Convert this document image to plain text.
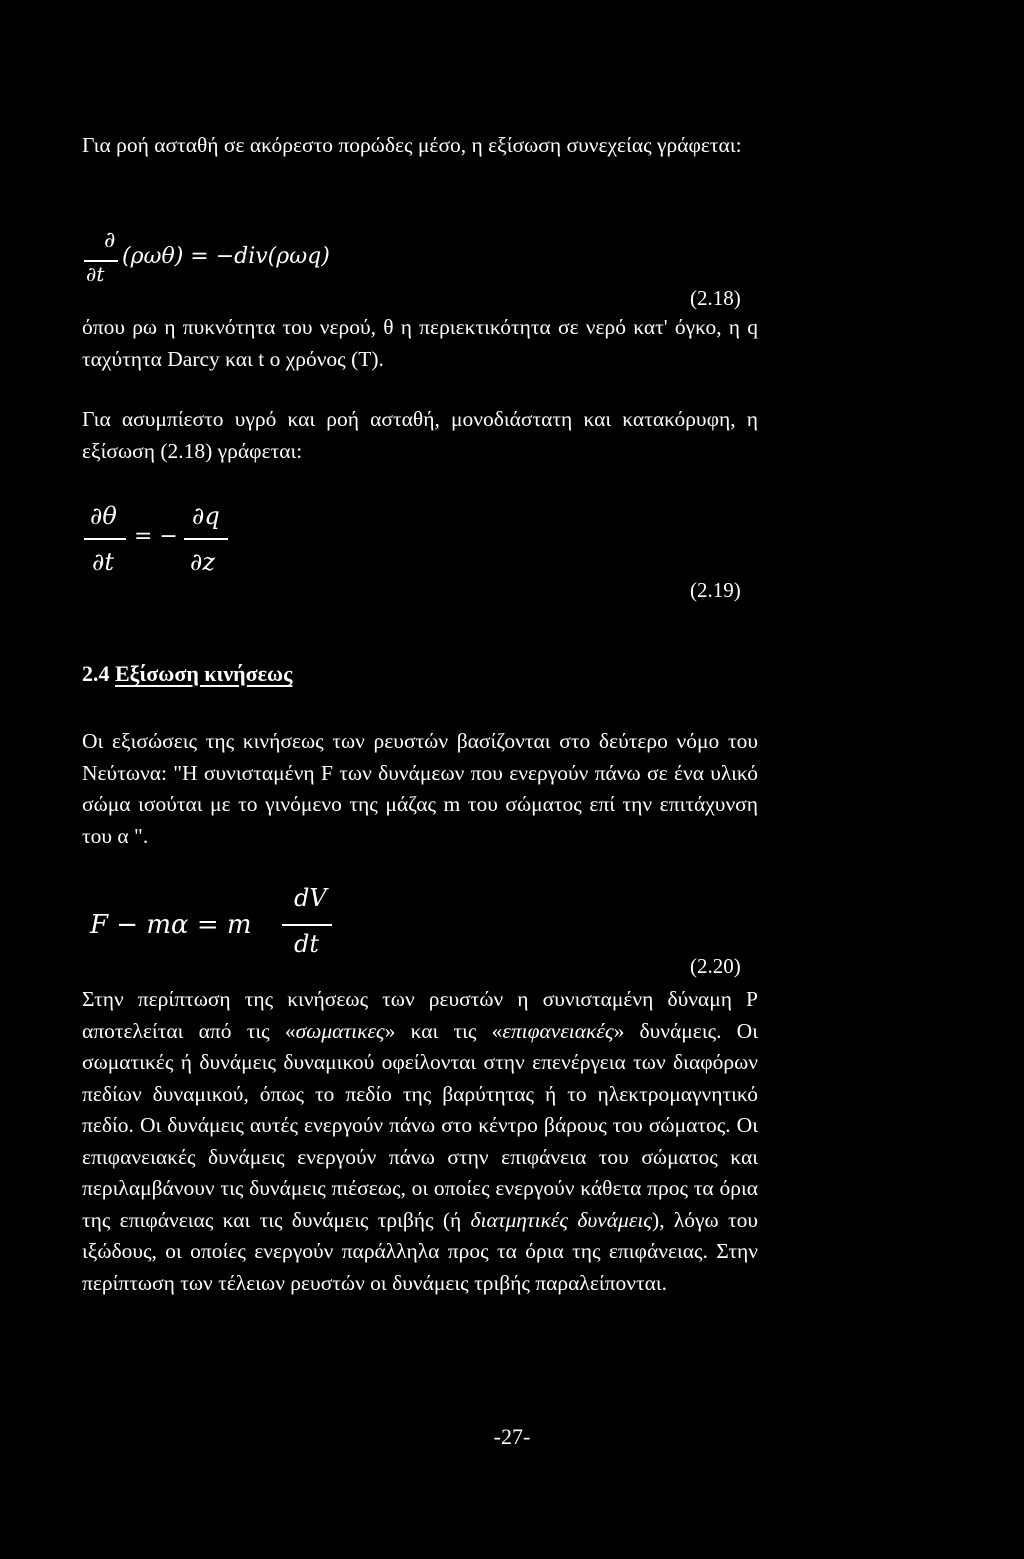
Για ροή ασταθή σε ακόρεστο πορώδες μέσο, η εξίσωση συνεχείας γράφεται:

∂
∂t
(ρωθ) = −div(ρωq)
(2.18)

όπου ρω η πυκνότητα του νερού, θ η περιεκτικότητα σε νερό κατ' όγκο, η q ταχύτητα Darcy και t ο χρόνος (Τ).

Για ασυμπίεστο υγρό και ροή ασταθή, μονοδιάστατη και κατακόρυφη, η εξίσωση (2.18) γράφεται:

∂θ
∂t
= −
∂q
∂z
(2.19)
2.4 Εξίσωση κινήσεως

Οι εξισώσεις της κινήσεως των ρευστών βασίζονται στο δεύτερο νόμο του Νεύτωνα: "Η συνισταμένη F των δυνάμεων που ενεργούν πάνω σε ένα υλικό σώμα ισούται με το γινόμενο της μάζας m του σώματος επί την επιτάχυνση του α ".

F − mα = m
dV
dt
(2.20)

Στην περίπτωση της κινήσεως των ρευστών η συνισταμένη δύναμη Ρ αποτελείται από τις «σωματικες» και τις «επιφανειακές» δυνάμεις. Οι σωματικές ή δυνάμεις δυναμικού οφείλονται στην επενέργεια των διαφόρων πεδίων δυναμικού, όπως το πεδίο της βαρύτητας ή το ηλεκτρομαγνητικό πεδίο. Οι δυνάμεις αυτές ενεργούν πάνω στο κέντρο βάρους του σώματος. Οι επιφανειακές δυνάμεις ενεργούν πάνω στην επιφάνεια του σώματος και περιλαμβάνουν τις δυνάμεις πιέσεως, οι οποίες ενεργούν κάθετα προς τα όρια της επιφάνειας και τις δυνάμεις τριβής (ή διατμητικές δυνάμεις), λόγω του ιξώδους, οι οποίες ενεργούν παράλληλα προς τα όρια της επιφάνειας. Στην περίπτωση των τέλειων ρευστών οι δυνάμεις τριβής παραλείπονται.

-27-
